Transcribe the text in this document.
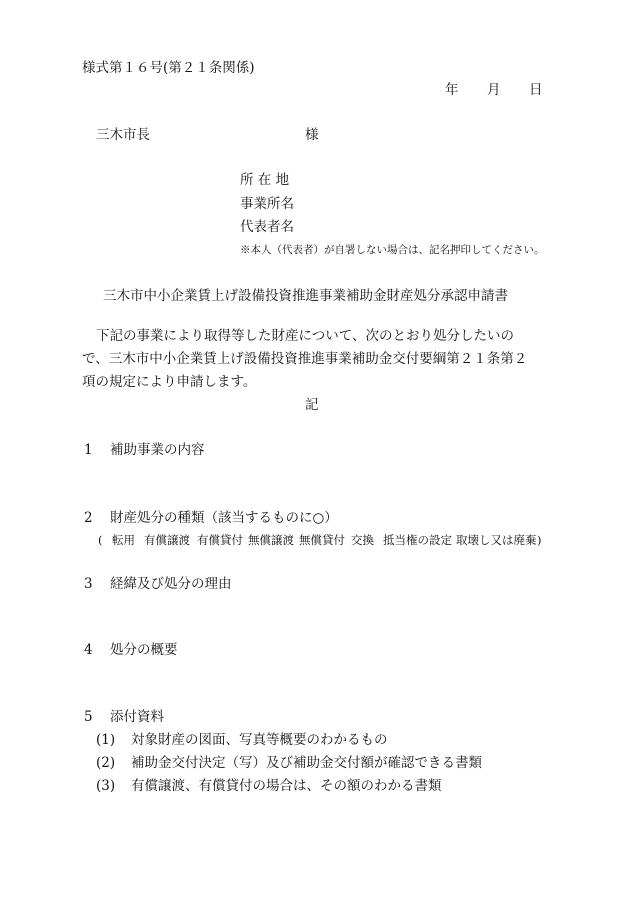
様式第１６号(第２１条関係)
年 月 日
三木市長	様
所 在 地
事業所名
代表者名
※本人（代表者）が自署しない場合は、記名押印してください。
三木市中小企業賃上げ設備投資推進事業補助金財産処分承認申請書
下記の事業により取得等した財産について、次のとおり処分したいの
で、三木市中小企業賃上げ設備投資推進事業補助金交付要綱第２１条第２
項の規定により申請します。
記
1 補助事業の内容
2 財産処分の種類（該当するものに○）
( 転用 有償譲渡 有償貸付 無償譲渡 無償貸付 交換 抵当権の設定 取壊し又は廃棄 )
3 経緯及び処分の理由
4 処分の概要
5 添付資料
(1) 対象財産の図面、写真等概要のわかるもの
(2) 補助金交付決定（写）及び補助金交付額が確認できる書類
(3) 有償譲渡、有償貸付の場合は、その額のわかる書類
